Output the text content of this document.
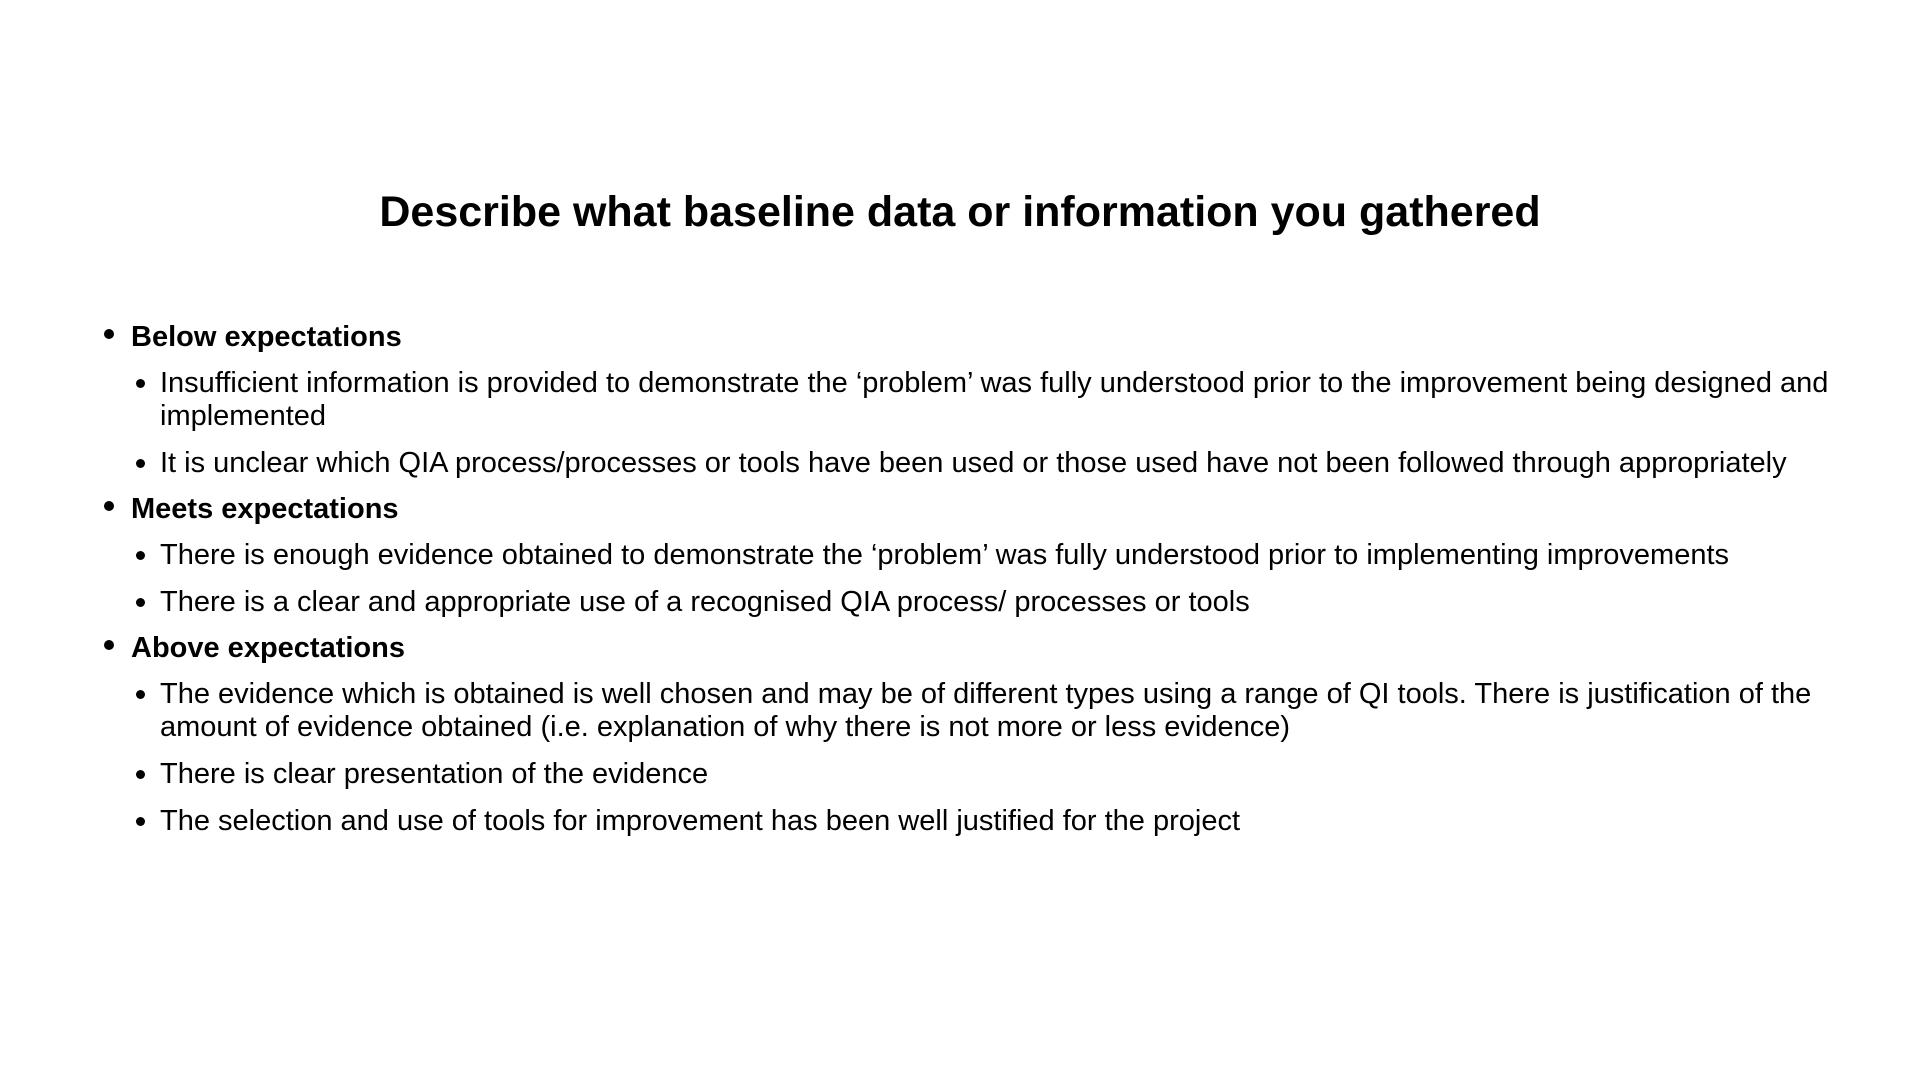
Describe what baseline data or information you gathered
Below expectations
Insufficient information is provided to demonstrate the ‘problem’ was fully understood prior to the improvement being designed and implemented
It is unclear which QIA process/processes or tools have been used or those used have not been followed through appropriately
Meets expectations
There is enough evidence obtained to demonstrate the ‘problem’ was fully understood prior to implementing improvements
There is a clear and appropriate use of a recognised QIA process/ processes or tools
Above expectations
The evidence which is obtained is well chosen and may be of different types using a range of QI tools. There is justification of the amount of evidence obtained (i.e. explanation of why there is not more or less evidence)
There is clear presentation of the evidence
The selection and use of tools for improvement has been well justified for the project
